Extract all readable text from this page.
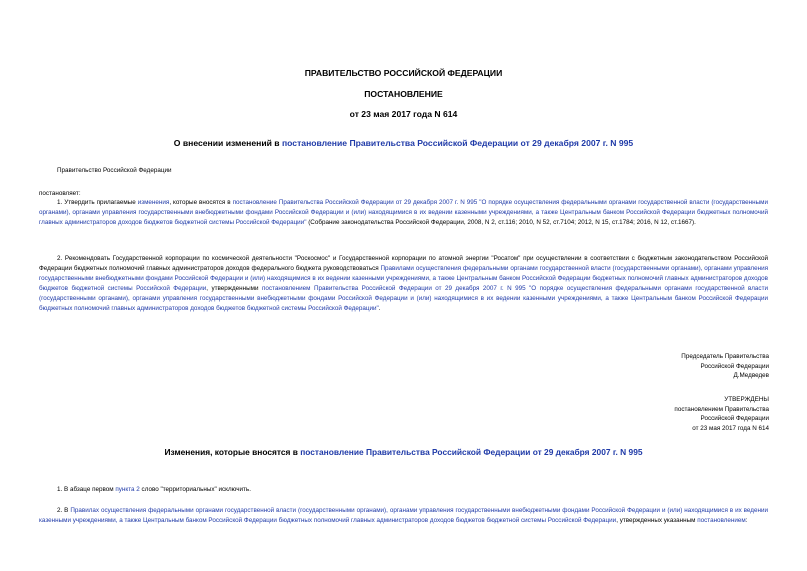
ПРАВИТЕЛЬСТВО РОССИЙСКОЙ ФЕДЕРАЦИИ

ПОСТАНОВЛЕНИЕ

от 23 мая 2017 года N 614

О внесении изменений в постановление Правительства Российской Федерации от 29 декабря 2007 г. N 995

Правительство Российской Федерации

постановляет:

1. Утвердить прилагаемые изменения, которые вносятся в постановление Правительства Российской Федерации от 29 декабря 2007 г. N 995 "О порядке осуществления федеральными органами государственной власти (государственными органами), органами управления государственными внебюджетными фондами Российской Федерации и (или) находящимися в их ведении казенными учреждениями, а также Центральным банком Российской Федерации бюджетных полномочий главных администраторов доходов бюджетов бюджетной системы Российской Федерации" (Собрание законодательства Российской Федерации, 2008, N 2, ст.116; 2010, N 52, ст.7104; 2012, N 15, ст.1784; 2016, N 12, ст.1667).

2. Рекомендовать Государственной корпорации по космической деятельности "Роскосмос" и Государственной корпорации по атомной энергии "Росатом" при осуществлении в соответствии с бюджетным законодательством Российской Федерации бюджетных полномочий главных администраторов доходов федерального бюджета руководствоваться Правилами осуществления федеральными органами государственной власти (государственными органами), органами управления государственными внебюджетными фондами Российской Федерации и (или) находящимися в их ведении казенными учреждениями, а также Центральным банком Российской Федерации бюджетных полномочий главных администраторов доходов бюджетов бюджетной системы Российской Федерации, утвержденными постановлением Правительства Российской Федерации от 29 декабря 2007 г. N 995 "О порядке осуществления федеральными органами государственной власти (государственными органами), органами управления государственными внебюджетными фондами Российской Федерации и (или) находящимися в их ведении казенными учреждениями, а также Центральным банком Российской Федерации бюджетных полномочий главных администраторов доходов бюджетов бюджетной системы Российской Федерации".

Председатель Правительства
Российской Федерации
Д.Медведев
УТВЕРЖДЕНЫ
постановлением Правительства
Российской Федерации
от 23 мая 2017 года N 614

Изменения, которые вносятся в постановление Правительства Российской Федерации от 29 декабря 2007 г. N 995

1. В абзаце первом пункта 2 слово "территориальных" исключить.

2. В Правилах осуществления федеральными органами государственной власти (государственными органами), органами управления государственными внебюджетными фондами Российской Федерации и (или) находящимися в их ведении казенными учреждениями, а также Центральным банком Российской Федерации бюджетных полномочий главных администраторов доходов бюджетов бюджетной системы Российской Федерации, утвержденных указанным постановлением:
